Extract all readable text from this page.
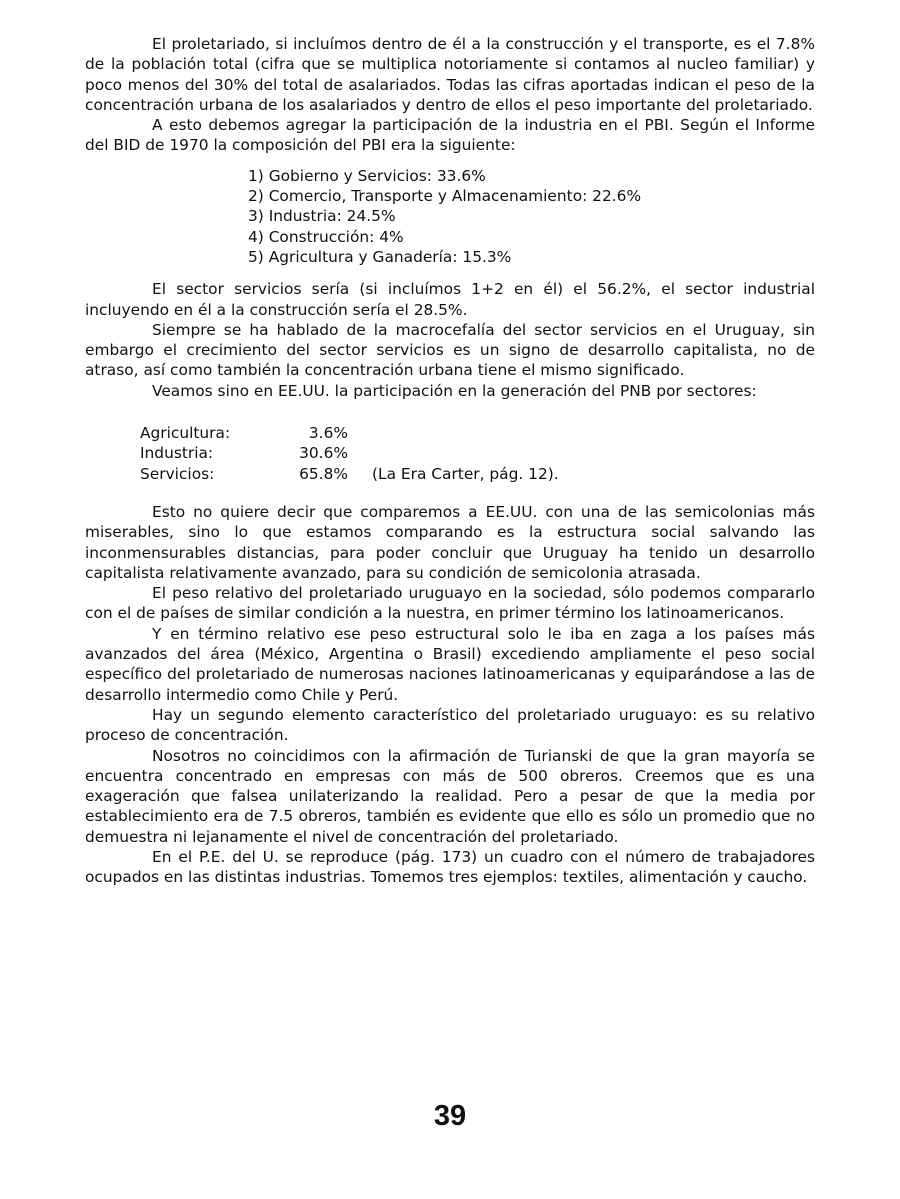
El proletariado, si incluímos dentro de él a la construcción y el transporte, es el 7.8% de la población total (cifra que se multiplica notoriamente si contamos al nucleo familiar) y poco menos del 30% del total de asalariados. Todas las cifras aportadas indican el peso de la concentración urbana de los asalariados y dentro de ellos el peso importante del proletariado.

A esto debemos agregar la participación de la industria en el PBI. Según el Informe del BID de 1970 la composición del PBI era la siguiente:

1) Gobierno y Servicios: 33.6%
2) Comercio, Transporte y Almacenamiento: 22.6%
3) Industria: 24.5%
4) Construcción: 4%
5) Agricultura y Ganadería: 15.3%

El sector servicios sería (si incluímos 1+2 en él) el 56.2%, el sector industrial incluyendo en él a la construcción sería el 28.5%.

Siempre se ha hablado de la macrocefalía del sector servicios en el Uruguay, sin embargo el crecimiento del sector servicios es un signo de desarrollo capitalista, no de atraso, así como también la concentración urbana tiene el mismo significado.

Veamos sino en EE.UU. la participación en la generación del PNB por sectores:

Agricultura:	3.6%	
Industria:	30.6%	
Servicios:	65.8%	(La Era Carter, pág. 12).

Esto no quiere decir que comparemos a EE.UU. con una de las semicolonias más miserables, sino lo que estamos comparando es la estructura social salvando las inconmensurables distancias, para poder concluir que Uruguay ha tenido un desarrollo capitalista relativamente avanzado, para su condición de semicolonia atrasada.

El peso relativo del proletariado uruguayo en la sociedad, sólo podemos compararlo con el de países de similar condición a la nuestra, en primer término los latinoamericanos.

Y en término relativo ese peso estructural solo le iba en zaga a los países más avanzados del área (México, Argentina o Brasil) excediendo ampliamente el peso social específico del proletariado de numerosas naciones latinoamericanas y equiparándose a las de desarrollo intermedio como Chile y Perú.

Hay un segundo elemento característico del proletariado uruguayo: es su relativo proceso de concentración.

Nosotros no coincidimos con la afirmación de Turianski de que la gran mayoría se encuentra concentrado en empresas con más de 500 obreros. Creemos que es una exageración que falsea unilaterizando la realidad. Pero a pesar de que la media por establecimiento era de 7.5 obreros, también es evidente que ello es sólo un promedio que no demuestra ni lejanamente el nivel de concentración del proletariado.

En el P.E. del U. se reproduce (pág. 173) un cuadro con el número de trabajadores ocupados en las distintas industrias. Tomemos tres ejemplos: textiles, alimentación y caucho.

39
